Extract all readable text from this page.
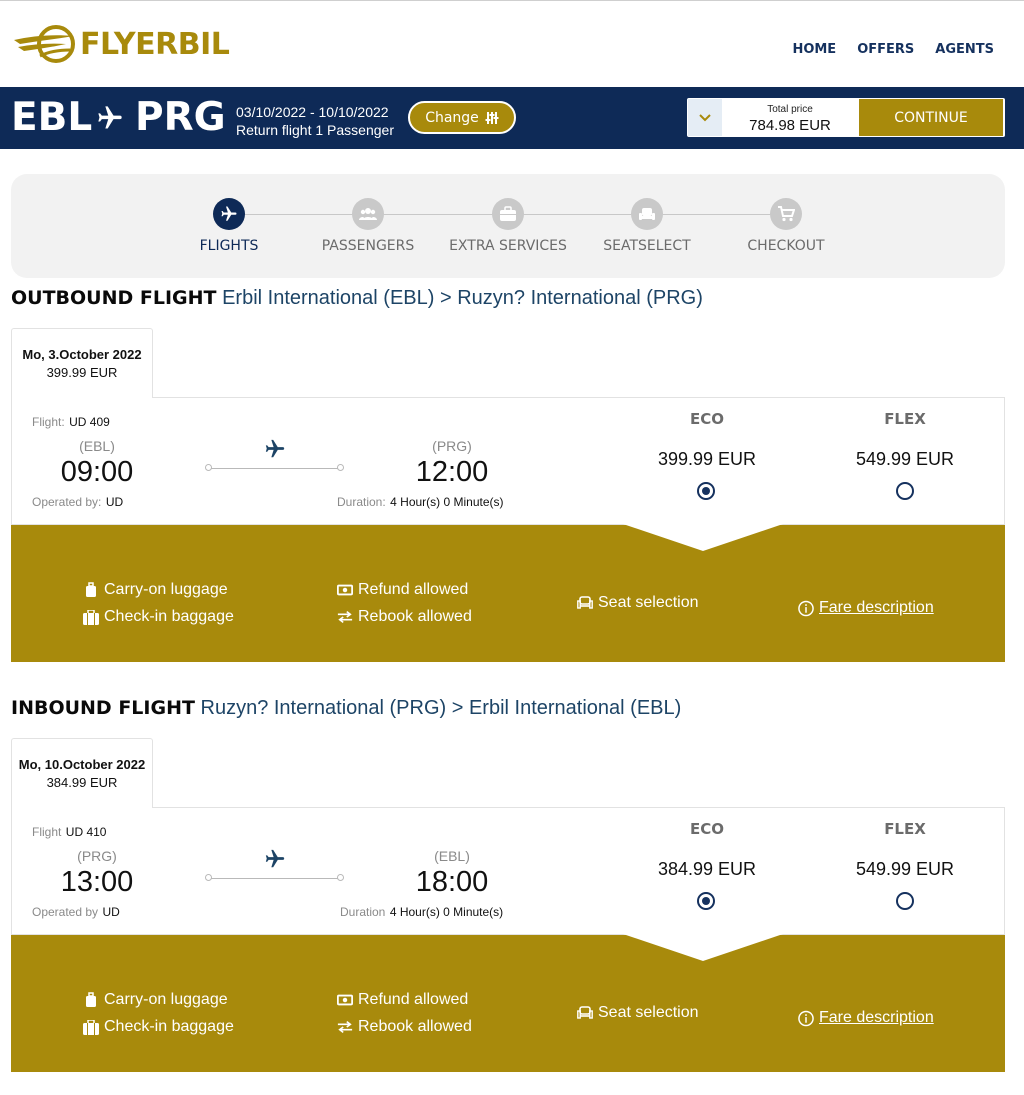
FLYERBIL	HOME OFFERS AGENTS
EBL PRG 03/10/2022 - 10/10/2022
Return flight 1 Passenger
Change	Total price
784.98 EUR	CONTINUE
FLIGHTS	PASSENGERS	EXTRA SERVICES	SEATSELECT	CHECKOUT
OUTBOUND FLIGHT Erbil International (EBL) > Ruzyn? International (PRG)
Mo, 3.October 2022
399.99 EUR
Flight: UD 409
(EBL)
09:00
Operated by: UD
(PRG)
12:00
Duration: 4 Hour(s) 0 Minute(s)
ECO
399.99 EUR
FLEX
549.99 EUR
Carry-on luggage
Check-in baggage
Refund allowed
Rebook allowed
Seat selection	Fare description
INBOUND FLIGHT Ruzyn? International (PRG) > Erbil International (EBL)
Mo, 10.October 2022
384.99 EUR
Flight UD 410
(PRG)
13:00
Operated by UD
(EBL)
18:00
Duration 4 Hour(s) 0 Minute(s)
ECO
384.99 EUR
FLEX
549.99 EUR
Carry-on luggage
Check-in baggage
Refund allowed
Rebook allowed
Seat selection	Fare description
